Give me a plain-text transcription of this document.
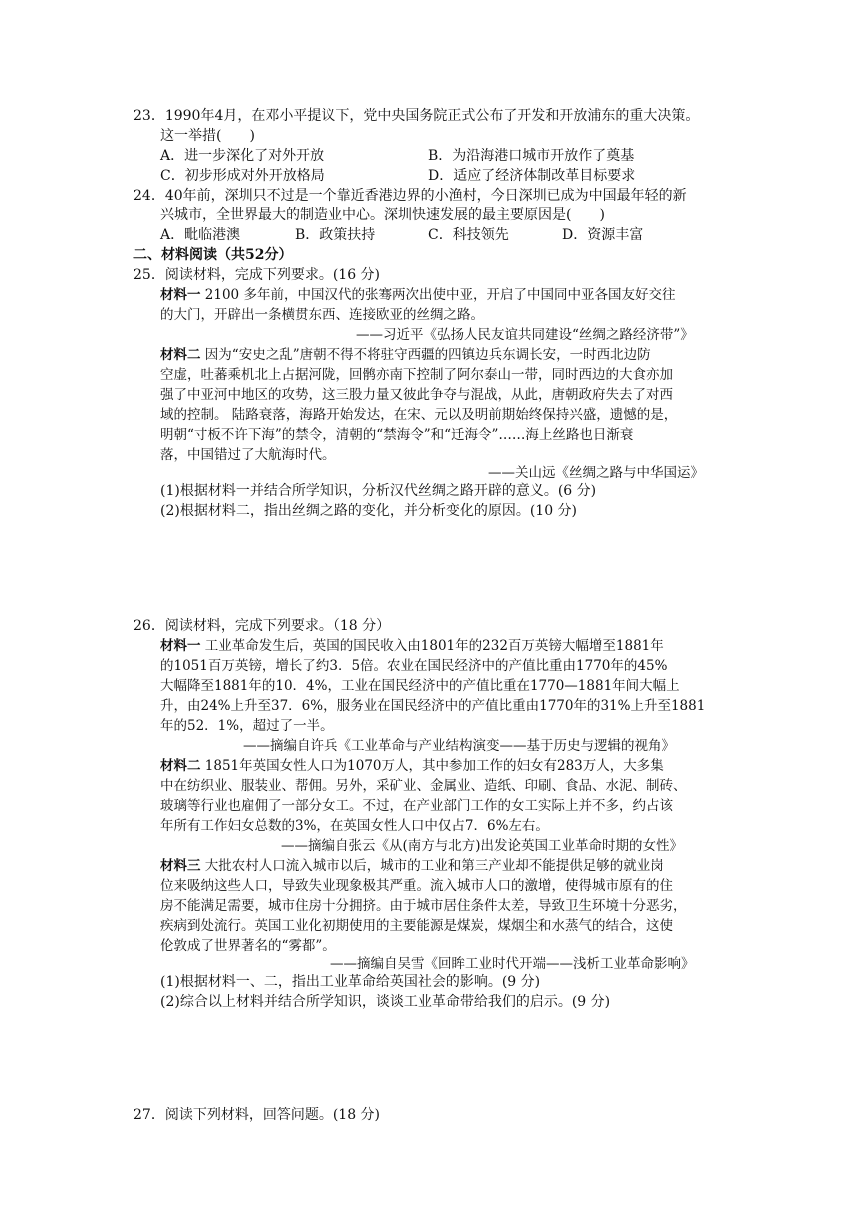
23．1990年4月，在邓小平提议下，党中央国务院正式公布了开发和开放浦东的重大决策。
这一举措(　　)
A．进一步深化了对外开放	B．为沿海港口城市开放作了奠基
C．初步形成对外开放格局	D．适应了经济体制改革目标要求
24．40年前，深圳只不过是一个靠近香港边界的小渔村，今日深圳已成为中国最年轻的新
兴城市，全世界最大的制造业中心。深圳快速发展的最主要原因是(　　)
A．毗临港澳	B．政策扶持	C．科技领先	D．资源丰富
二、材料阅读（共52分）
25．阅读材料，完成下列要求。(16 分)
材料一 2100 多年前，中国汉代的张骞两次出使中亚，开启了中国同中亚各国友好交往
的大门，开辟出一条横贯东西、连接欧亚的丝绸之路。
——习近平《弘扬人民友谊共同建设“丝绸之路经济带”》
材料二 因为“安史之乱”唐朝不得不将驻守西疆的四镇边兵东调长安，一时西北边防
空虚，吐蕃乘机北上占据河陇，回鹘亦南下控制了阿尔泰山一带，同时西边的大食亦加
强了中亚河中地区的攻势，这三股力量又彼此争夺与混战，从此，唐朝政府失去了对西
域的控制。 陆路衰落，海路开始发达，在宋、元以及明前期始终保持兴盛，遗憾的是，
明朝“寸板不许下海”的禁令，清朝的“禁海令”和“迁海令”……海上丝路也日渐衰
落，中国错过了大航海时代。
——关山远《丝绸之路与中华国运》
(1)根据材料一并结合所学知识，分析汉代丝绸之路开辟的意义。(6 分)
(2)根据材料二，指出丝绸之路的变化，并分析变化的原因。(10 分)
26．阅读材料，完成下列要求。（18 分）
材料一 工业革命发生后，英国的国民收入由1801年的232百万英镑大幅增至1881年
的1051百万英镑，增长了约3．5倍。农业在国民经济中的产值比重由1770年的45%
大幅降至1881年的10．4%，工业在国民经济中的产值比重在1770—1881年间大幅上
升，由24%上升至37．6%，服务业在国民经济中的产值比重由1770年的31%上升至1881
年的52．1%，超过了一半。
——摘编自许兵《工业革命与产业结构演变——基于历史与逻辑的视角》
材料二 1851年英国女性人口为1070万人，其中参加工作的妇女有283万人，大多集
中在纺织业、服装业、帮佣。另外，采矿业、金属业、造纸、印刷、食品、水泥、制砖、
玻璃等行业也雇佣了一部分女工。不过，在产业部门工作的女工实际上并不多，约占该
年所有工作妇女总数的3%，在英国女性人口中仅占7．6%左右。
——摘编自张云《从(南方与北方)出发论英国工业革命时期的女性》
材料三 大批农村人口流入城市以后，城市的工业和第三产业却不能提供足够的就业岗
位来吸纳这些人口，导致失业现象极其严重。流入城市人口的激增，使得城市原有的住
房不能满足需要，城市住房十分拥挤。由于城市居住条件太差，导致卫生环境十分恶劣，
疾病到处流行。英国工业化初期使用的主要能源是煤炭，煤烟尘和水蒸气的结合，这使
伦敦成了世界著名的“雾都”。
——摘编自吴雪《回眸工业时代开端——浅析工业革命影响》
(1)根据材料一、二，指出工业革命给英国社会的影响。(9 分)
(2)综合以上材料并结合所学知识，谈谈工业革命带给我们的启示。(9 分)
27．阅读下列材料，回答问题。(18 分)
